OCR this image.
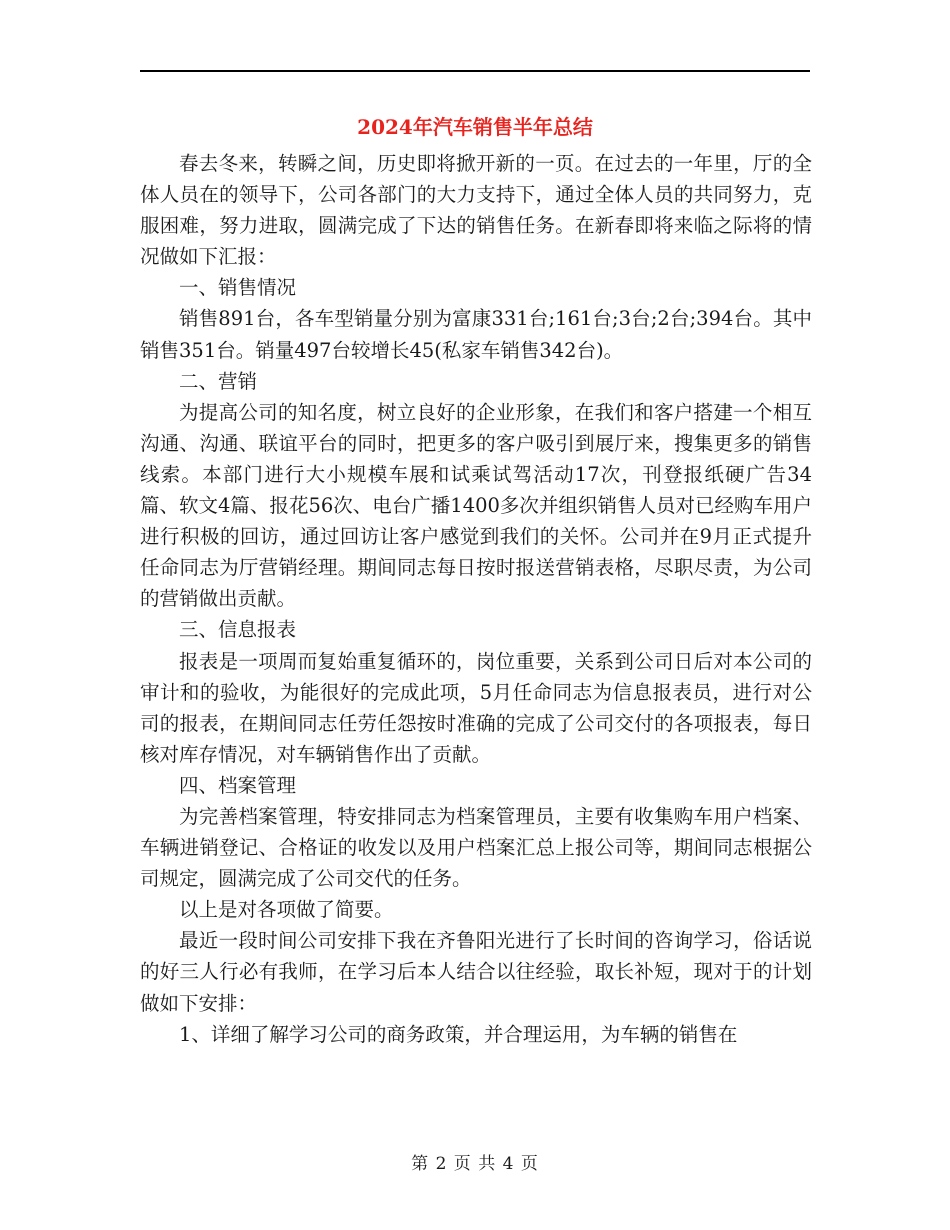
2024年汽车销售半年总结

春去冬来，转瞬之间，历史即将掀开新的一页。在过去的一年里，厅的全体人员在的领导下，公司各部门的大力支持下，通过全体人员的共同努力，克服困难，努力进取，圆满完成了下达的销售任务。在新春即将来临之际将的情况做如下汇报：

一、销售情况

销售891台，各车型销量分别为富康331台;161台;3台;2台;394台。其中销售351台。销量497台较增长45(私家车销售342台)。

二、营销

为提高公司的知名度，树立良好的企业形象，在我们和客户搭建一个相互沟通、沟通、联谊平台的同时，把更多的客户吸引到展厅来，搜集更多的销售线索。本部门进行大小规模车展和试乘试驾活动17次，刊登报纸硬广告34篇、软文4篇、报花56次、电台广播1400多次并组织销售人员对已经购车用户进行积极的回访，通过回访让客户感觉到我们的关怀。公司并在9月正式提升任命同志为厅营销经理。期间同志每日按时报送营销表格，尽职尽责，为公司的营销做出贡献。

三、信息报表

报表是一项周而复始重复循环的，岗位重要，关系到公司日后对本公司的审计和的验收，为能很好的完成此项，5月任命同志为信息报表员，进行对公司的报表，在期间同志任劳任怨按时准确的完成了公司交付的各项报表，每日核对库存情况，对车辆销售作出了贡献。

四、档案管理

为完善档案管理，特安排同志为档案管理员，主要有收集购车用户档案、车辆进销登记、合格证的收发以及用户档案汇总上报公司等，期间同志根据公司规定，圆满完成了公司交代的任务。

以上是对各项做了简要。

最近一段时间公司安排下我在齐鲁阳光进行了长时间的咨询学习，俗话说的好三人行必有我师，在学习后本人结合以往经验，取长补短，现对于的计划做如下安排：

1、详细了解学习公司的商务政策，并合理运用，为车辆的销售在

第 2 页 共 4 页
